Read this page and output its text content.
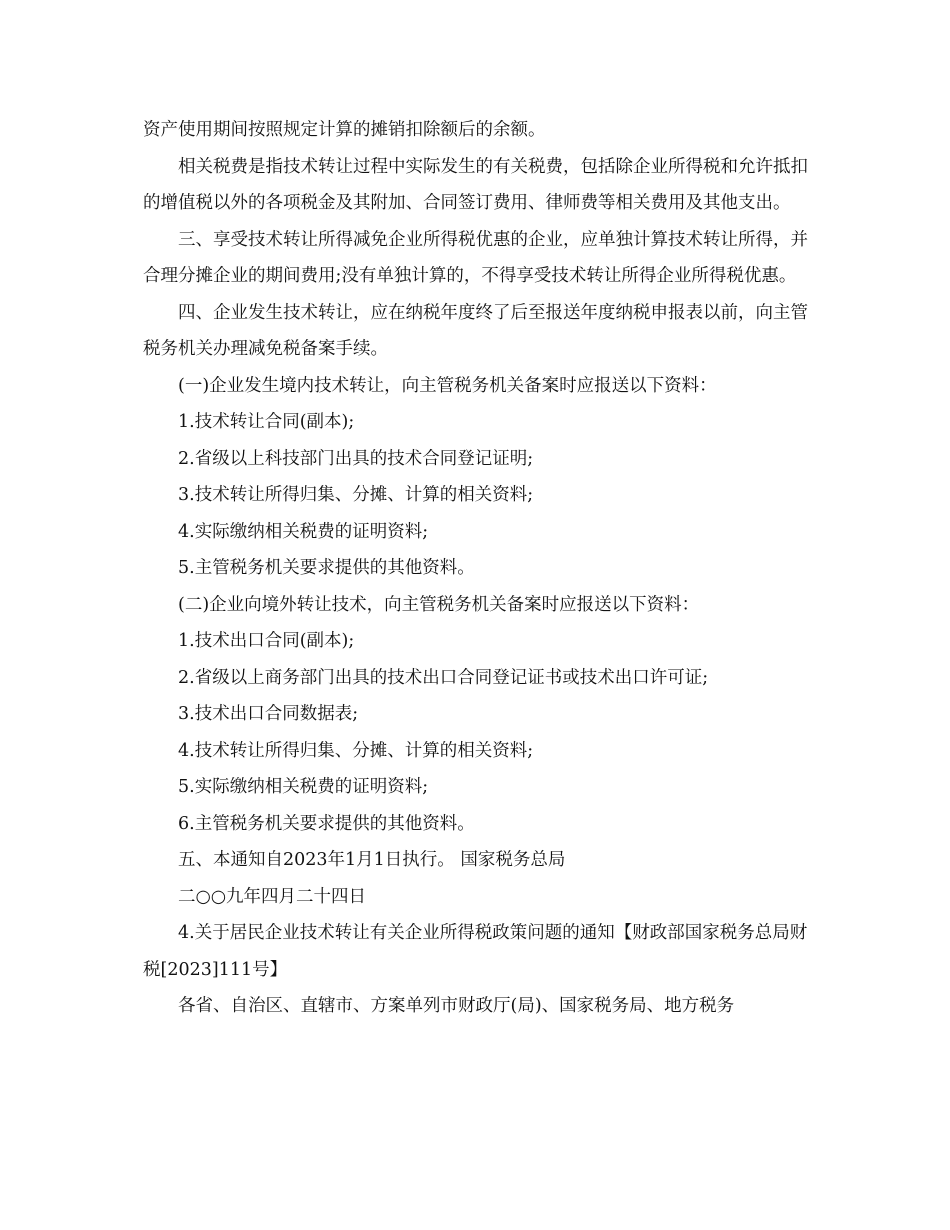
资产使用期间按照规定计算的摊销扣除额后的余额。

相关税费是指技术转让过程中实际发生的有关税费，包括除企业所得税和允许抵扣的增值税以外的各项税金及其附加、合同签订费用、律师费等相关费用及其他支出。

三、享受技术转让所得减免企业所得税优惠的企业，应单独计算技术转让所得，并合理分摊企业的期间费用;没有单独计算的，不得享受技术转让所得企业所得税优惠。

四、企业发生技术转让，应在纳税年度终了后至报送年度纳税申报表以前，向主管税务机关办理减免税备案手续。

(一)企业发生境内技术转让，向主管税务机关备案时应报送以下资料：

1.技术转让合同(副本);

2.省级以上科技部门出具的技术合同登记证明;

3.技术转让所得归集、分摊、计算的相关资料;

4.实际缴纳相关税费的证明资料;

5.主管税务机关要求提供的其他资料。

(二)企业向境外转让技术，向主管税务机关备案时应报送以下资料：

1.技术出口合同(副本);

2.省级以上商务部门出具的技术出口合同登记证书或技术出口许可证;

3.技术出口合同数据表;

4.技术转让所得归集、分摊、计算的相关资料;

5.实际缴纳相关税费的证明资料;

6.主管税务机关要求提供的其他资料。

五、本通知自2023年1月1日执行。 国家税务总局

二○○九年四月二十四日

4.关于居民企业技术转让有关企业所得税政策问题的通知【财政部国家税务总局财税[2023]111号】

各省、自治区、直辖市、方案单列市财政厅(局)、国家税务局、地方税务
